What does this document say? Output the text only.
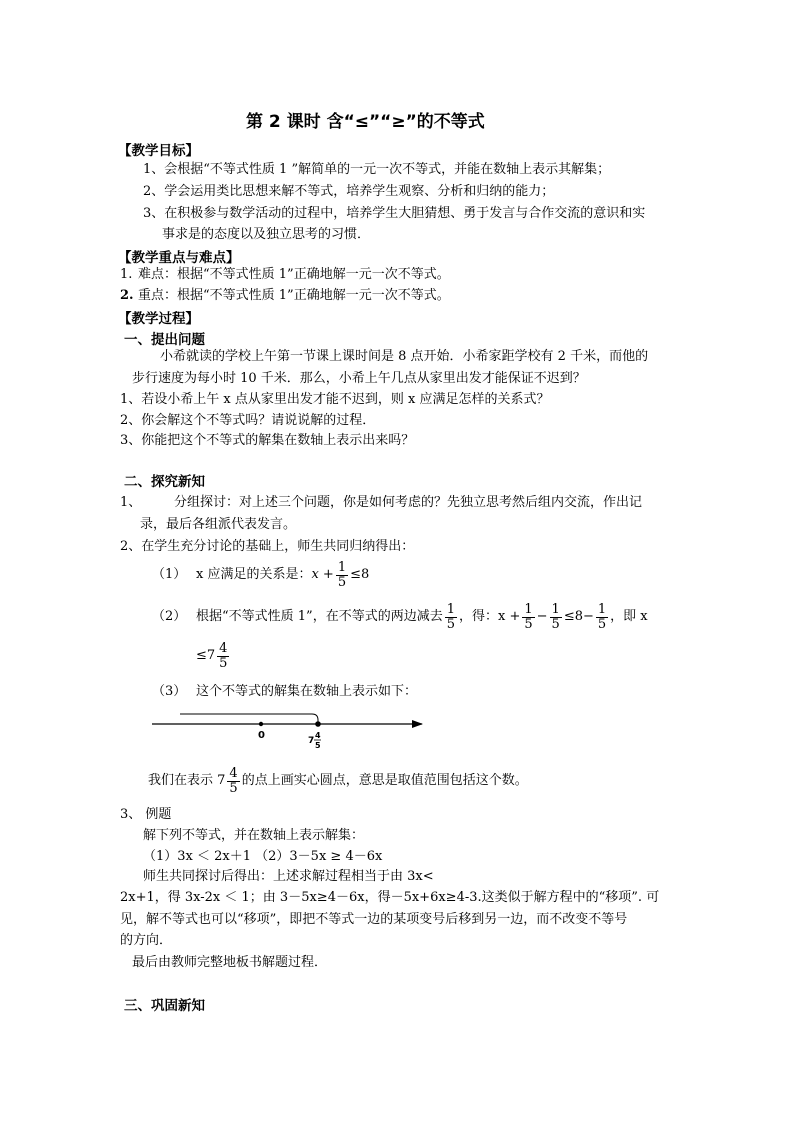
第 2 课时 含“≤”“≥”的不等式
【教学目标】
1、会根据“不等式性质 1 ”解简单的一元一次不等式，并能在数轴上表示其解集；
2、学会运用类比思想来解不等式，培养学生观察、分析和归纳的能力；
3、在积极参与数学活动的过程中，培养学生大胆猜想、勇于发言与合作交流的意识和实
事求是的态度以及独立思考的习惯．
【教学重点与难点】
1. 难点：根据“不等式性质 1”正确地解一元一次不等式。
2. 重点：根据“不等式性质 1”正确地解一元一次不等式。
【教学过程】
一、提出问题
小希就读的学校上午第一节课上课时间是 8 点开始．小希家距学校有 2 千米，而他的
步行速度为每小时 10 千米．那么，小希上午几点从家里出发才能保证不迟到？
1、若设小希上午 x 点从家里出发才能不迟到，则 x 应满足怎样的关系式？
2、你会解这个不等式吗？请说说解的过程．
3、你能把这个不等式的解集在数轴上表示出来吗？
二、探究新知
1、	分组探讨：对上述三个问题，你是如何考虑的？先独立思考然后组内交流，作出记
录，最后各组派代表发言。
2、在学生充分讨论的基础上，师生共同归纳得出：
（1） x 应满足的关系是： $x + \frac{1}{5} \le 8$
（2） 根据“不等式性质 1”，在不等式的两边减去 $\frac{1}{5}$ ，得：$x + \frac{1}{5} - \frac{1}{5} \le 8- \frac{1}{5}$ ，即 x
$\le 7 \frac{4}{5}$
（3） 这个不等式的解集在数轴上表示如下：
0	7
4
5
我们在表示 $7 \frac{4}{5}$ 的点上画实心圆点，意思是取值范围包括这个数。
3、 例题
解下列不等式，并在数轴上表示解集：
（1）3x ＜ 2x＋1 （2）3－5x ≥ 4－6x
师生共同探讨后得出：上述求解过程相当于由 3x<
2x+1，得 3x-2x ＜ 1；由 3－5x≥4－6x，得－5x+6x≥4-3.这类似于解方程中的“移项”. 可
见，解不等式也可以“移项”，即把不等式一边的某项变号后移到另一边，而不改变不等号
的方向．
最后由教师完整地板书解题过程．
三、巩固新知
